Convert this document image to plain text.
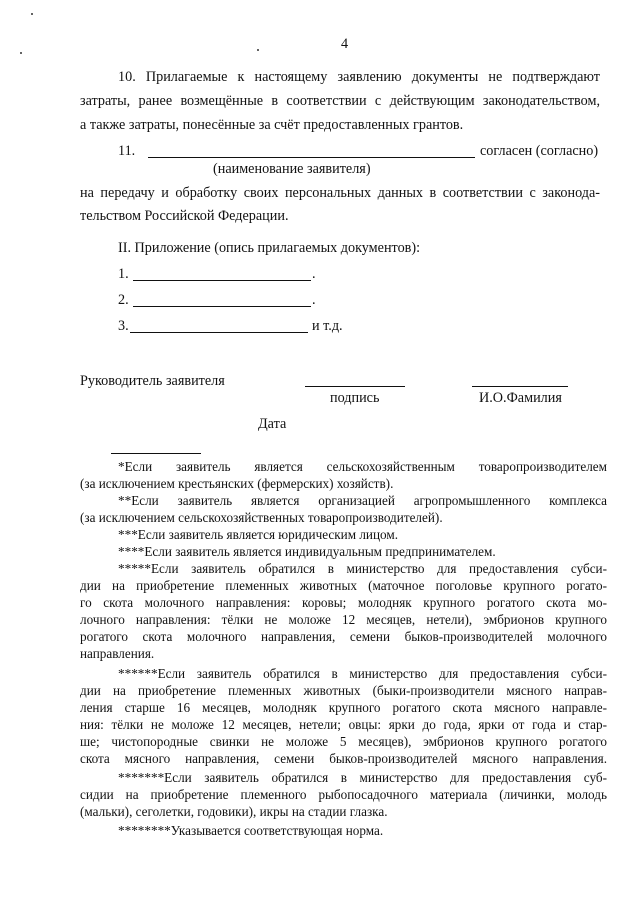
4
10. Прилагаемые к настоящему заявлению документы не подтверждают
затраты, ранее возмещённые в соответствии с действующим законодательством,
а также затраты, понесённые за счёт предоставленных грантов.
11.	согласен (согласно)
(наименование заявителя)
на передачу и обработку своих персональных данных в соответствии с законода-
тельством Российской Федерации.
II. Приложение (опись прилагаемых документов):
1.	.
2.	.
3.	и т.д.
Руководитель заявителя
подпись	И.О.Фамилия
Дата
*Если заявитель является сельскохозяйственным товаропроизводителем
(за исключением крестьянских (фермерских) хозяйств).
**Если заявитель является организацией агропромышленного комплекса
(за исключением сельскохозяйственных товаропроизводителей).
***Если заявитель является юридическим лицом.
****Если заявитель является индивидуальным предпринимателем.
*****Если заявитель обратился в министерство для предоставления субси-
дии на приобретение племенных животных (маточное поголовье крупного рогато-
го скота молочного направления: коровы; молодняк крупного рогатого скота мо-
лочного направления: тёлки не моложе 12 месяцев, нетели), эмбрионов крупного
рогатого скота молочного направления, семени быков-производителей молочного
направления.
******Если заявитель обратился в министерство для предоставления субси-
дии на приобретение племенных животных (быки-производители мясного направ-
ления старше 16 месяцев, молодняк крупного рогатого скота мясного направле-
ния: тёлки не моложе 12 месяцев, нетели; овцы: ярки до года, ярки от года и стар-
ше; чистопородные свинки не моложе 5 месяцев), эмбрионов крупного рогатого
скота мясного направления, семени быков-производителей мясного направления.
*******Если заявитель обратился в министерство для предоставления суб-
сидии на приобретение племенного рыбопосадочного материала (личинки, молодь
(мальки), сеголетки, годовики), икры на стадии глазка.
********Указывается соответствующая норма.
